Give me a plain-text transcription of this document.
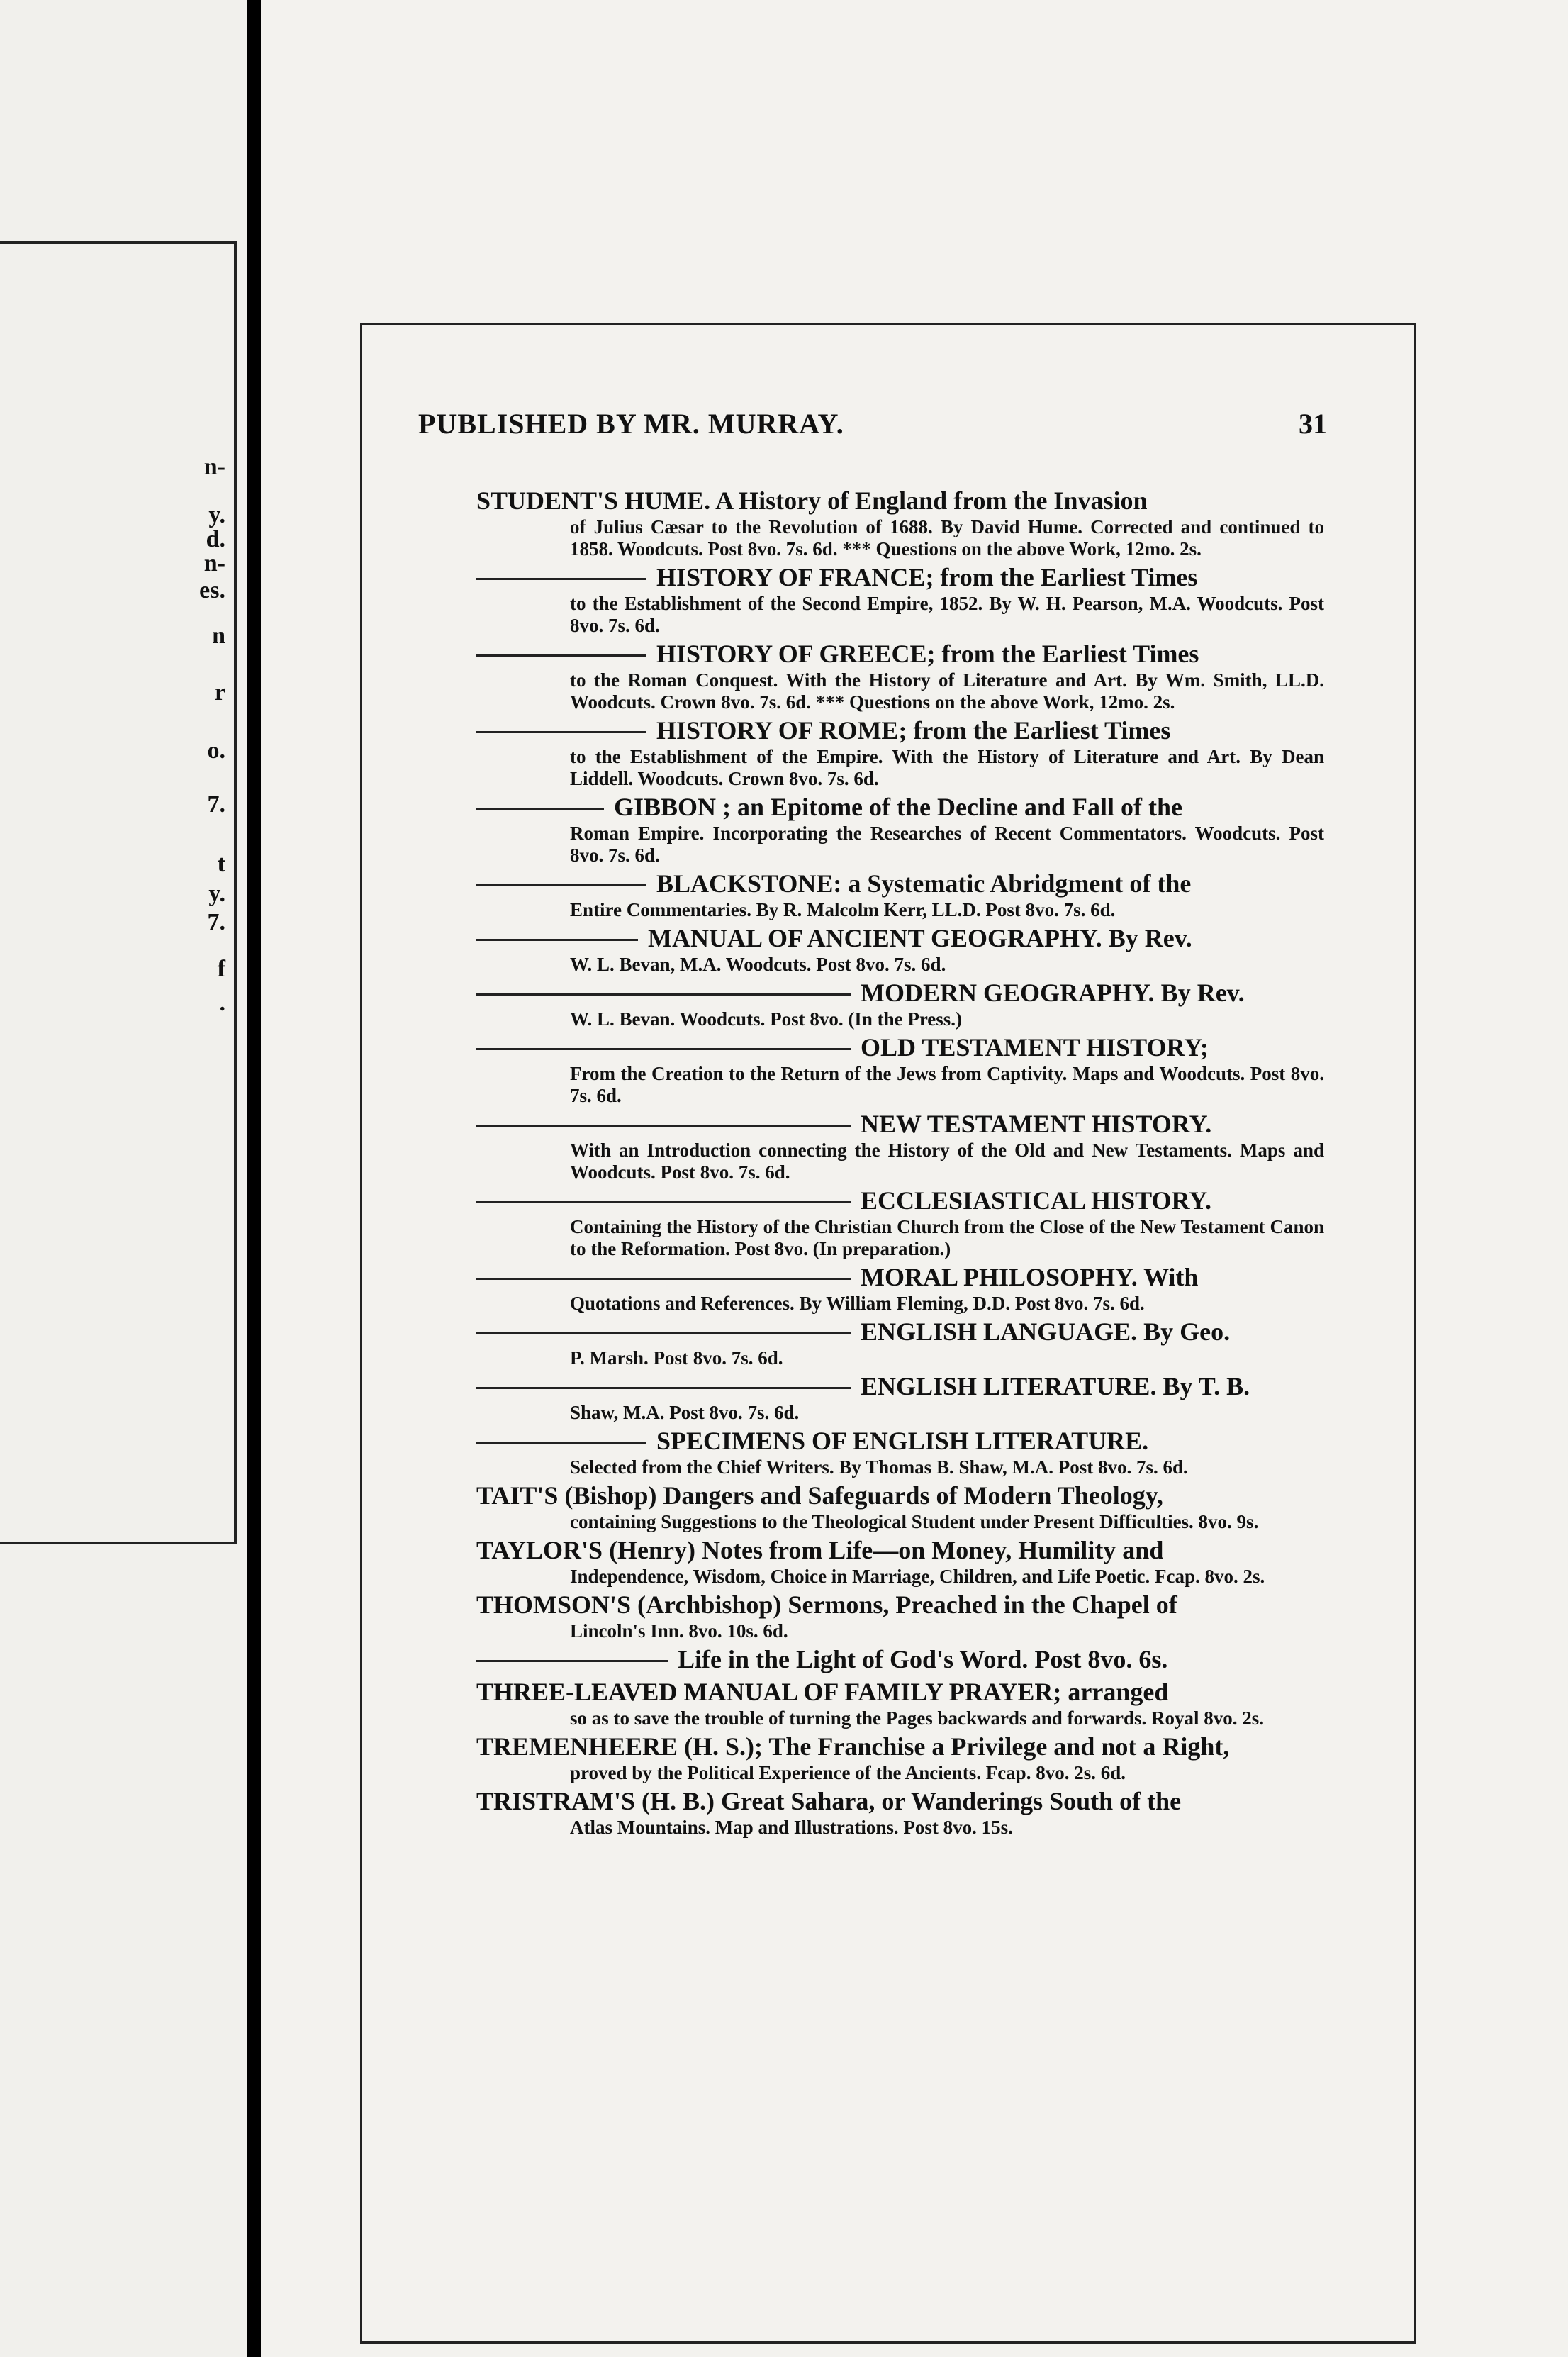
n-
y.
d.
n-
es.
n
r
o.
7.
t
y.
7.
f
.
PUBLISHED BY MR. MURRAY.	31
STUDENT'S HUME. A History of England from the Invasion
of Julius Cæsar to the Revolution of 1688. By David Hume. Corrected and continued to 1858. Woodcuts. Post 8vo. 7s. 6d. *** Questions on the above Work, 12mo. 2s.
HISTORY OF FRANCE; from the Earliest Times
to the Establishment of the Second Empire, 1852. By W. H. Pearson, M.A. Woodcuts. Post 8vo. 7s. 6d.
HISTORY OF GREECE; from the Earliest Times
to the Roman Conquest. With the History of Literature and Art. By Wm. Smith, LL.D. Woodcuts. Crown 8vo. 7s. 6d. *** Questions on the above Work, 12mo. 2s.
HISTORY OF ROME; from the Earliest Times
to the Establishment of the Empire. With the History of Literature and Art. By Dean Liddell. Woodcuts. Crown 8vo. 7s. 6d.
GIBBON ; an Epitome of the Decline and Fall of the
Roman Empire. Incorporating the Researches of Recent Commentators. Woodcuts. Post 8vo. 7s. 6d.
BLACKSTONE: a Systematic Abridgment of the
Entire Commentaries. By R. Malcolm Kerr, LL.D. Post 8vo. 7s. 6d.
MANUAL OF ANCIENT GEOGRAPHY. By Rev.
W. L. Bevan, M.A. Woodcuts. Post 8vo. 7s. 6d.
MODERN GEOGRAPHY. By Rev.
W. L. Bevan. Woodcuts. Post 8vo. (In the Press.)
OLD TESTAMENT HISTORY;
From the Creation to the Return of the Jews from Captivity. Maps and Woodcuts. Post 8vo. 7s. 6d.
NEW TESTAMENT HISTORY.
With an Introduction connecting the History of the Old and New Testaments. Maps and Woodcuts. Post 8vo. 7s. 6d.
ECCLESIASTICAL HISTORY.
Containing the History of the Christian Church from the Close of the New Testament Canon to the Reformation. Post 8vo. (In preparation.)
MORAL PHILOSOPHY. With
Quotations and References. By William Fleming, D.D. Post 8vo. 7s. 6d.
ENGLISH LANGUAGE. By Geo.
P. Marsh. Post 8vo. 7s. 6d.
ENGLISH LITERATURE. By T. B.
Shaw, M.A. Post 8vo. 7s. 6d.
SPECIMENS OF ENGLISH LITERATURE.
Selected from the Chief Writers. By Thomas B. Shaw, M.A. Post 8vo. 7s. 6d.
TAIT'S (Bishop) Dangers and Safeguards of Modern Theology,
containing Suggestions to the Theological Student under Present Difficulties. 8vo. 9s.
TAYLOR'S (Henry) Notes from Life—on Money, Humility and
Independence, Wisdom, Choice in Marriage, Children, and Life Poetic. Fcap. 8vo. 2s.
THOMSON'S (Archbishop) Sermons, Preached in the Chapel of
Lincoln's Inn. 8vo. 10s. 6d.
Life in the Light of God's Word. Post 8vo. 6s.
THREE-LEAVED MANUAL OF FAMILY PRAYER; arranged
so as to save the trouble of turning the Pages backwards and forwards. Royal 8vo. 2s.
TREMENHEERE (H. S.); The Franchise a Privilege and not a Right,
proved by the Political Experience of the Ancients. Fcap. 8vo. 2s. 6d.
TRISTRAM'S (H. B.) Great Sahara, or Wanderings South of the
Atlas Mountains. Map and Illustrations. Post 8vo. 15s.
